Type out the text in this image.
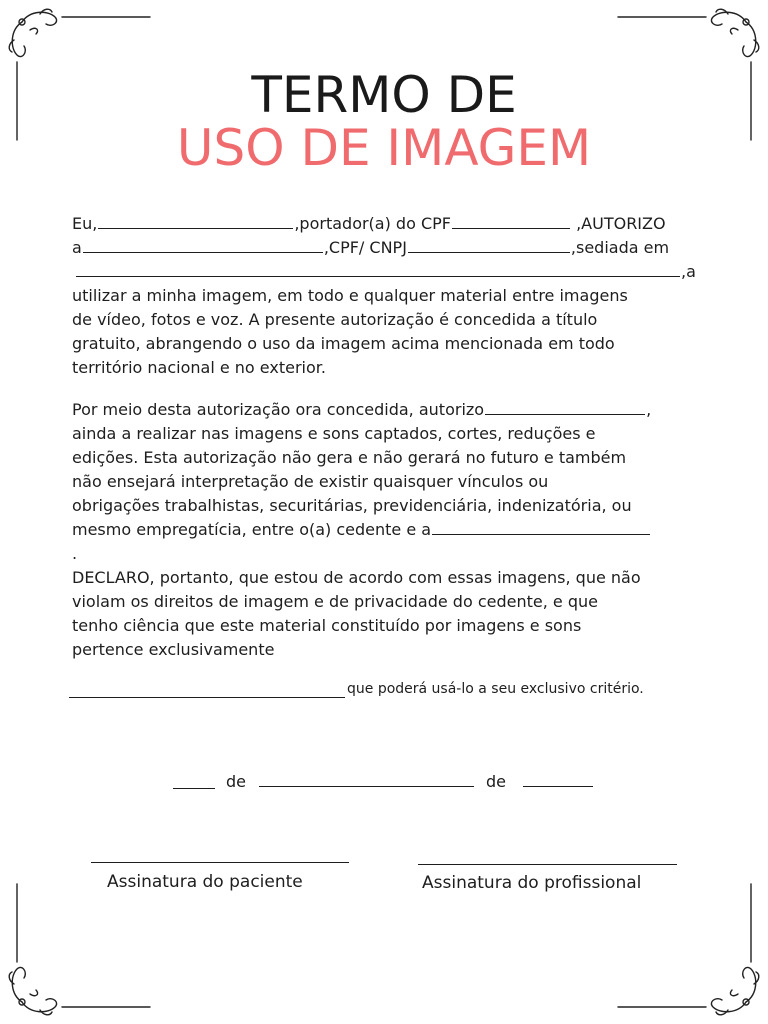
TERMO DE
USO DE IMAGEM
Eu,	,portador(a) do CPF	,AUTORIZO
a	,CPF/ CNPJ	,sediada em
,a
utilizar a minha imagem, em todo e qualquer material entre imagens
de vídeo, fotos e voz. A presente autorização é concedida a título
gratuito, abrangendo o uso da imagem acima mencionada em todo
território nacional e no exterior.
Por meio desta autorização ora concedida, autorizo	,
ainda a realizar nas imagens e sons captados, cortes, reduções e
edições. Esta autorização não gera e não gerará no futuro e também
não ensejará interpretação de existir quaisquer vínculos ou
obrigações trabalhistas, securitárias, previdenciária, indenizatória, ou
mesmo empregatícia, entre o(a) cedente e a
.
DECLARO, portanto, que estou de acordo com essas imagens, que não
violam os direitos de imagem e de privacidade do cedente, e que
tenho ciência que este material constituído por imagens e sons
pertence exclusivamente
que poderá usá-lo a seu exclusivo critério.
de	de
Assinatura do paciente	Assinatura do profissional
